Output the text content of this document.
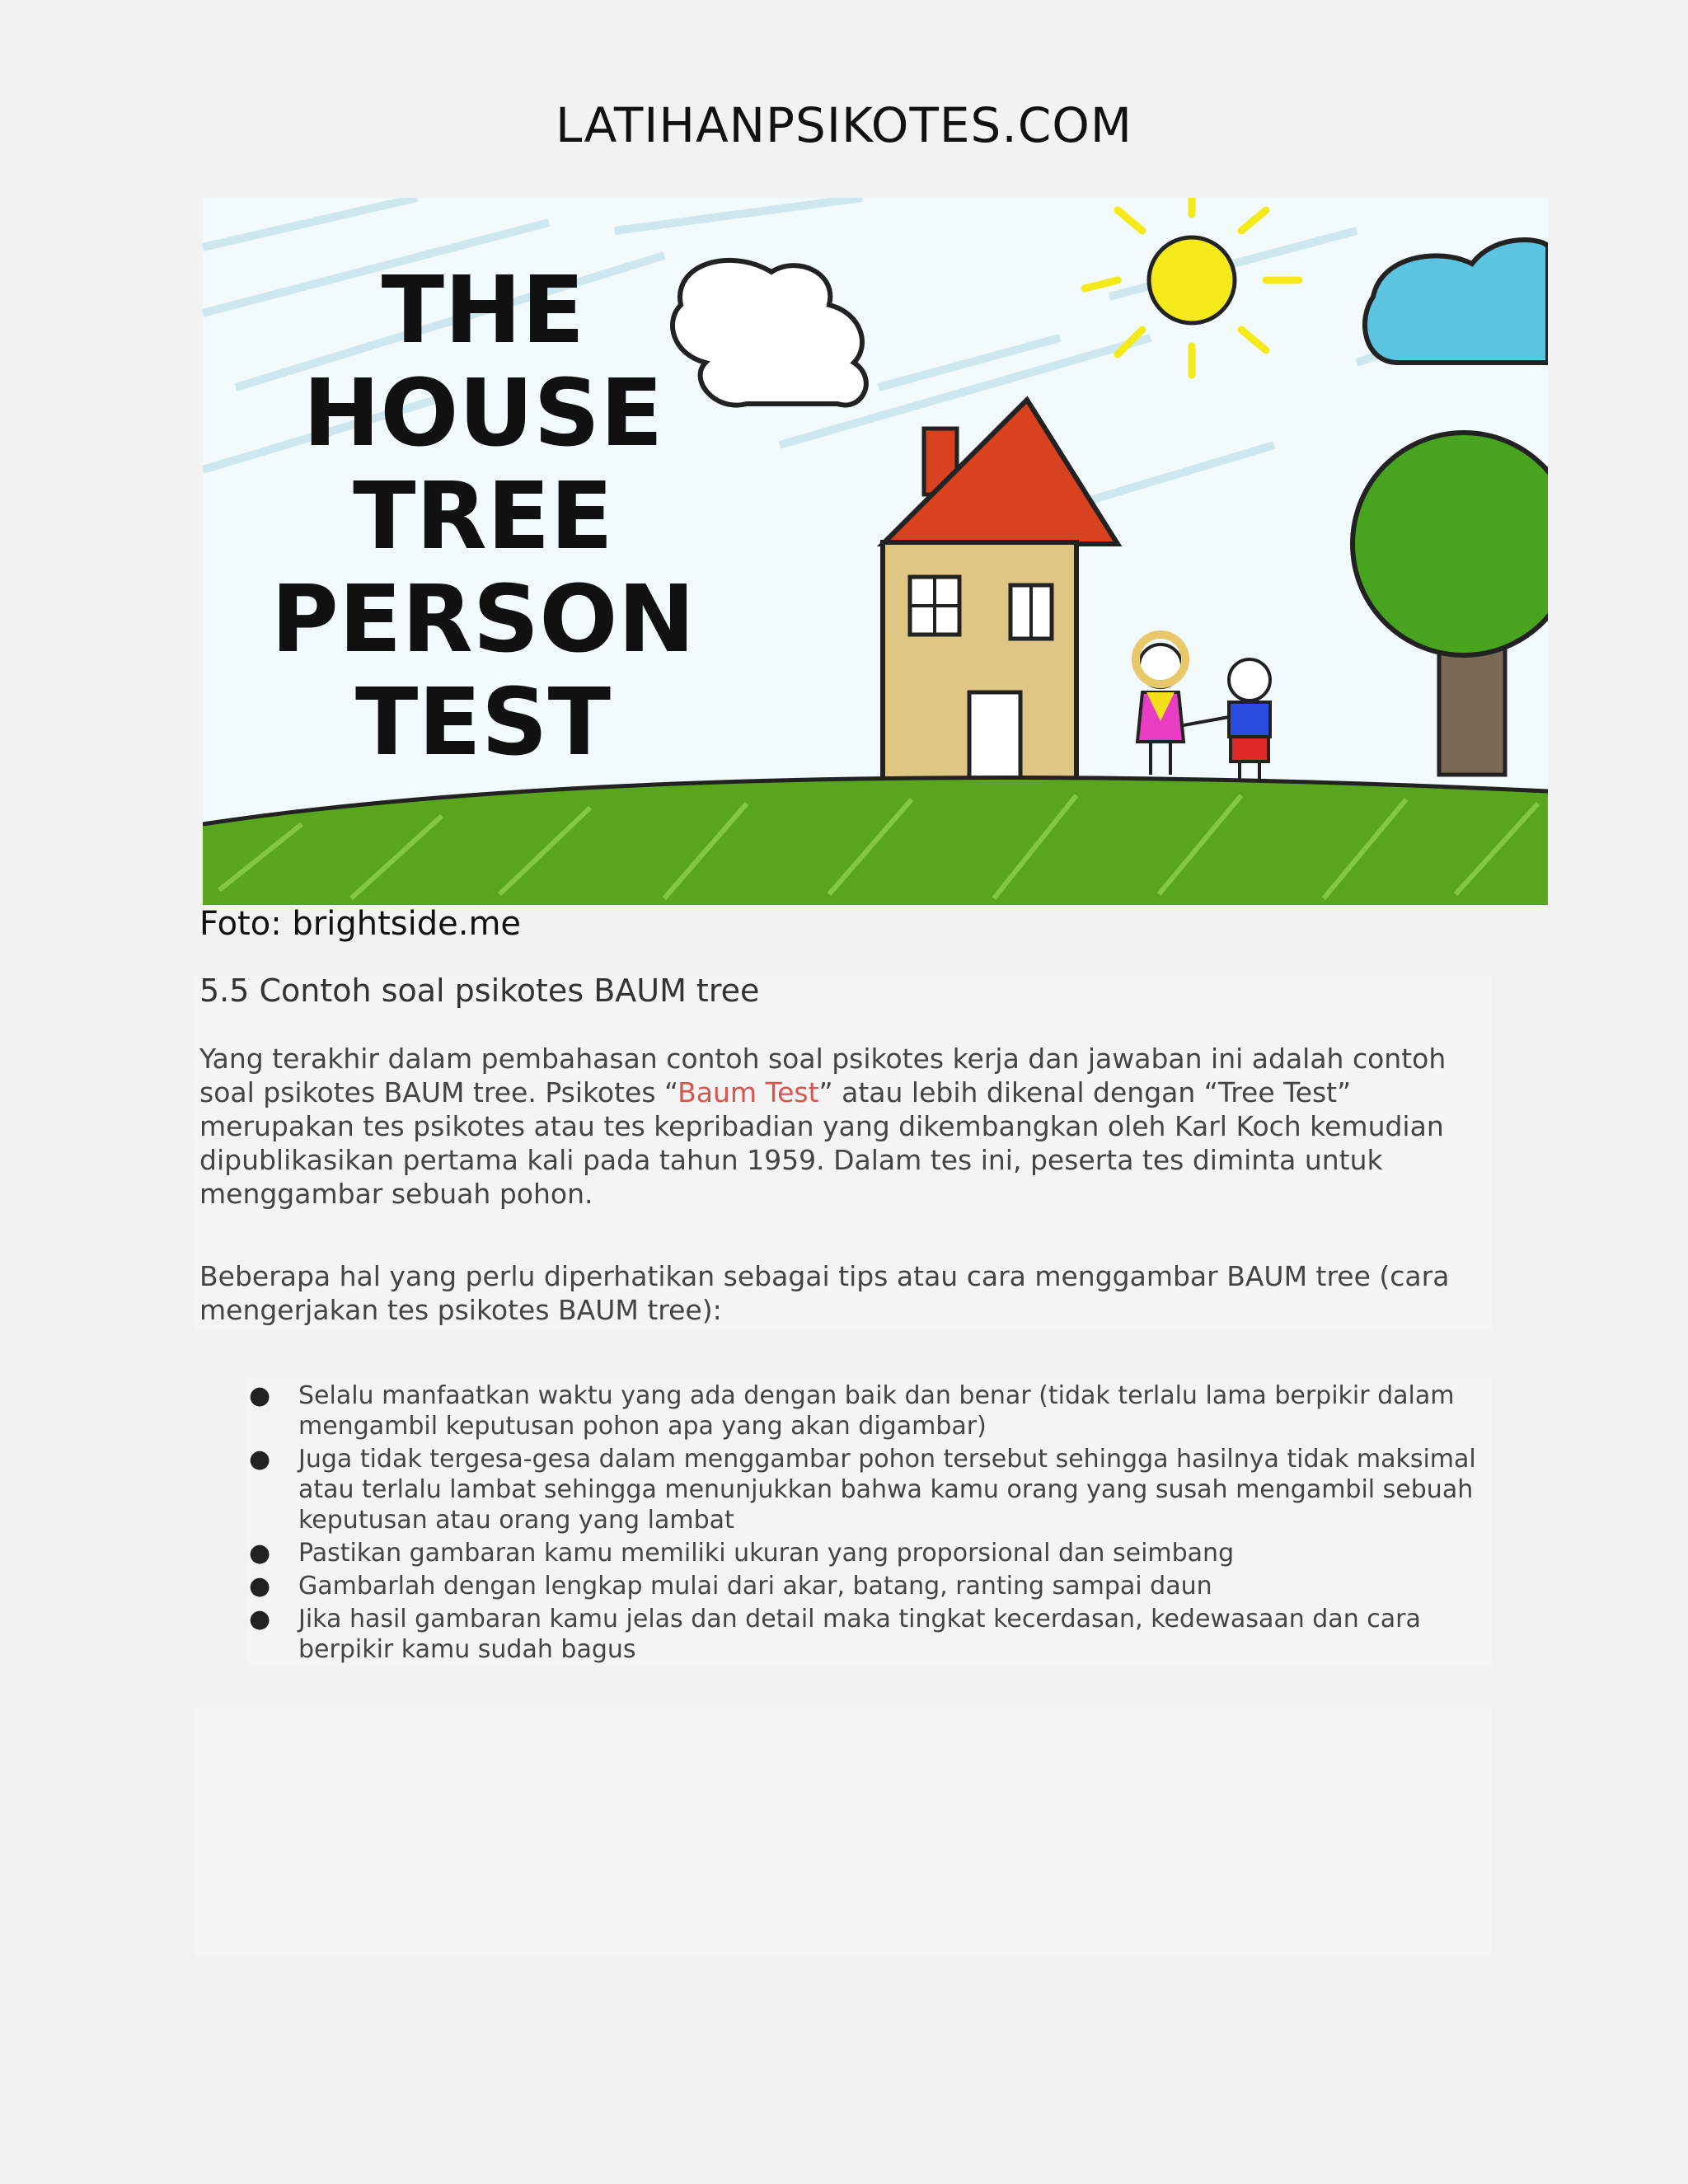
LATIHANPSIKOTES.COM
THE
HOUSE
TREE
PERSON
TEST
Foto: brightside.me
5.5 Contoh soal psikotes BAUM tree

Yang terakhir dalam pembahasan contoh soal psikotes kerja dan jawaban ini adalah contoh soal psikotes BAUM tree. Psikotes “Baum Test” atau lebih dikenal dengan “Tree Test” merupakan tes psikotes atau tes kepribadian yang dikembangkan oleh Karl Koch kemudian dipublikasikan pertama kali pada tahun 1959. Dalam tes ini, peserta tes diminta untuk menggambar sebuah pohon.

Beberapa hal yang perlu diperhatikan sebagai tips atau cara menggambar BAUM tree (cara mengerjakan tes psikotes BAUM tree):

● Selalu manfaatkan waktu yang ada dengan baik dan benar (tidak terlalu lama berpikir dalam mengambil keputusan pohon apa yang akan digambar)
● Juga tidak tergesa-gesa dalam menggambar pohon tersebut sehingga hasilnya tidak maksimal atau terlalu lambat sehingga menunjukkan bahwa kamu orang yang susah mengambil sebuah keputusan atau orang yang lambat
● Pastikan gambaran kamu memiliki ukuran yang proporsional dan seimbang
● Gambarlah dengan lengkap mulai dari akar, batang, ranting sampai daun
● Jika hasil gambaran kamu jelas dan detail maka tingkat kecerdasan, kedewasaan dan cara berpikir kamu sudah bagus
